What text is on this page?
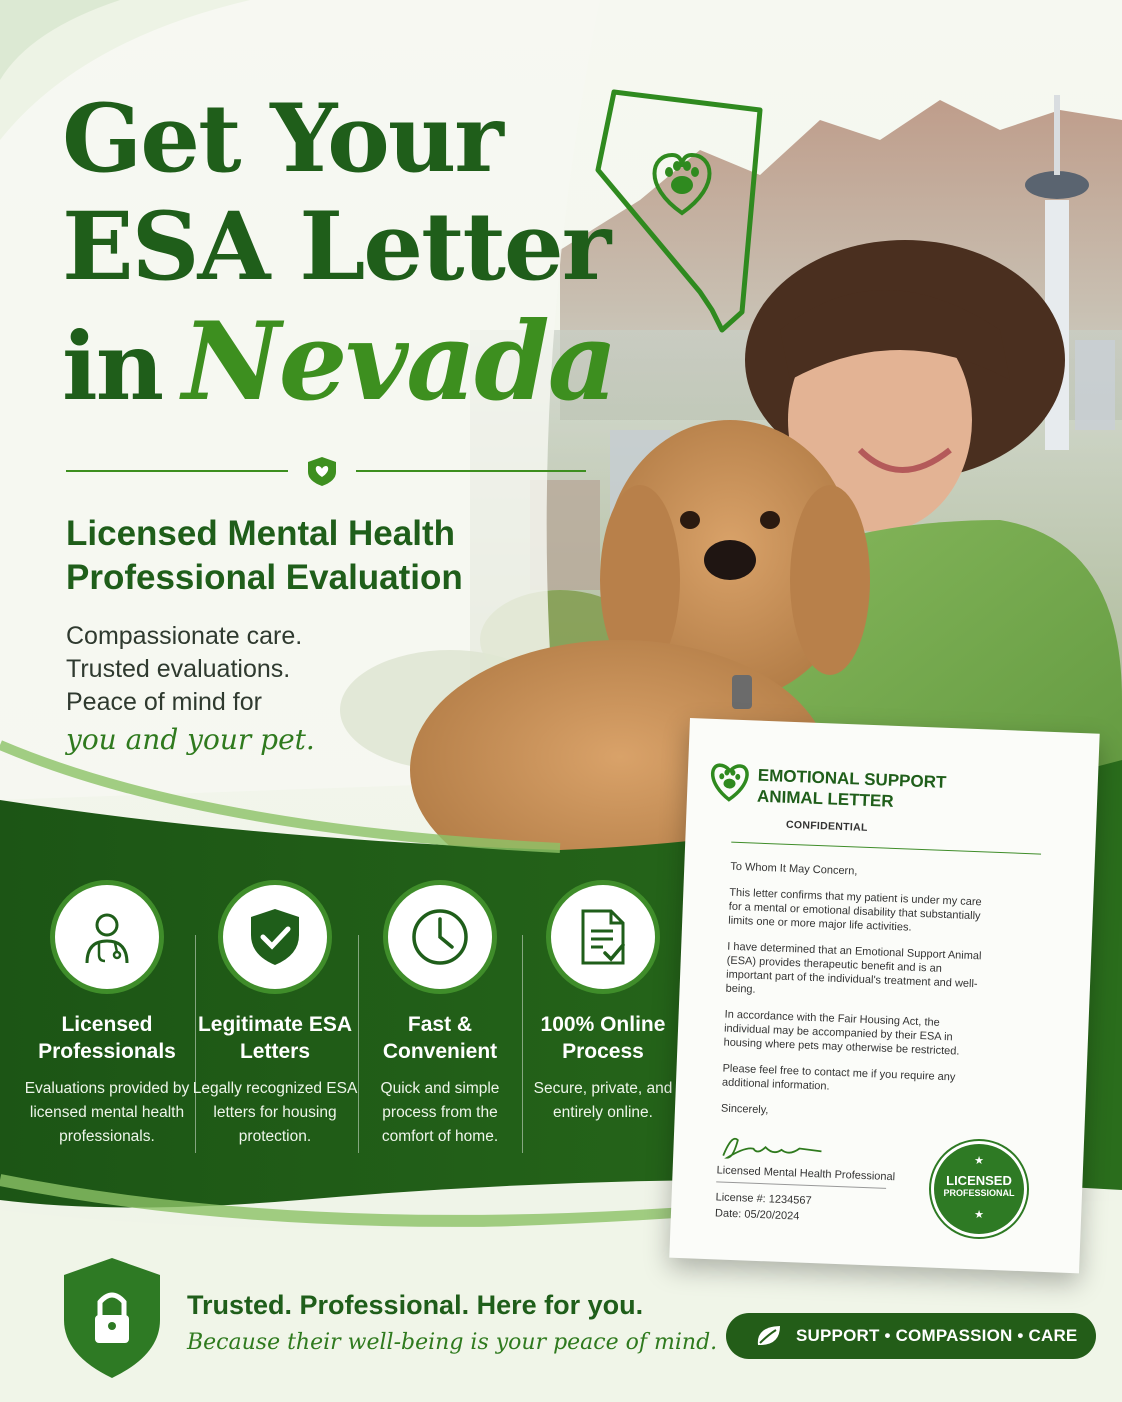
Get Your
ESA Letter
in Nevada
Licensed Mental Health Professional Evaluation
Compassionate care.
Trusted evaluations.
Peace of mind for
you and your pet.
Licensed Professionals
Evaluations provided by licensed mental health professionals.
Legitimate ESA Letters
Legally recognized ESA letters for housing protection.
Fast & Convenient
Quick and simple process from the comfort of home.
100% Online Process
Secure, private, and entirely online.
EMOTIONAL SUPPORT
ANIMAL LETTER
CONFIDENTIAL

To Whom It May Concern,

This letter confirms that my patient is under my care for a mental or emotional disability that substantially limits one or more major life activities.

I have determined that an Emotional Support Animal (ESA) provides therapeutic benefit and is an important part of the individual's treatment and well-being.

In accordance with the Fair Housing Act, the individual may be accompanied by their ESA in housing where pets may otherwise be restricted.

Please feel free to contact me if you require any additional information.

Sincerely,

Licensed Mental Health Professional
License #: 1234567
Date: 05/20/2024
★
LICENSED
PROFESSIONAL
★
Trusted. Professional. Here for you.
Because their well-being is your peace of mind.	SUPPORT • COMPASSION • CARE
